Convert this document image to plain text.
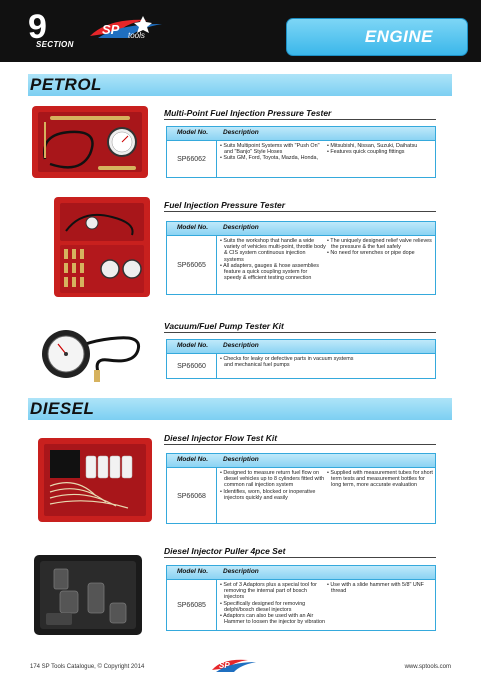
9
SECTION
SP tools	ENGINE
PETROL
Multi-Point Fuel Injection Pressure Tester
Model No. Description
SP66062
• Suits Multipoint Systems with "Push On" and "Banjo" Style Hoses
• Suits GM, Ford, Toyota, Mazda, Honda,
• Mitsubishi, Nissan, Suzuki, Daihatsu
• Features quick coupling fittings
Fuel Injection Pressure Tester
Model No. Description
SP66065
• Suits the workshop that handle a wide variety of vehicles multi-point, throttle body & CIS system continuous injection systems
• All adapters, gauges & hose assemblies feature a quick coupling system for speedy & efficient testing connection
• The uniquely designed relief valve relieves the pressure & the fuel safely
• No need for wrenches or pipe dope
Vacuum/Fuel Pump Tester Kit
Model No. Description
SP66060
• Checks for leaky or defective parts in vacuum systems and mechanical fuel pumps
DIESEL
Diesel Injector Flow Test Kit
Model No. Description
SP66068
• Designed to measure return fuel flow on diesel vehicles up to 8 cylinders fitted with common rail injection system
• Identifies, worn, blocked or inoperative injectors quickly and easily
• Supplied with measurement tubes for short term tests and measurement bottles for long term, more accurate evaluation
Diesel Injector Puller 4pce Set
Model No. Description
SP66085
• Set of 3 Adaptors plus a special tool for removing the internal part of bosch injectors
• Specifically designed for removing delphi/bosch diesel injectors
• Adaptors can also be used with an Air Hammer to loosen the injector by vibration
• Use with a slide hammer with 5/8" UNF thread
174 SP Tools Catalogue, © Copyright 2014	SP	www.sptools.com
